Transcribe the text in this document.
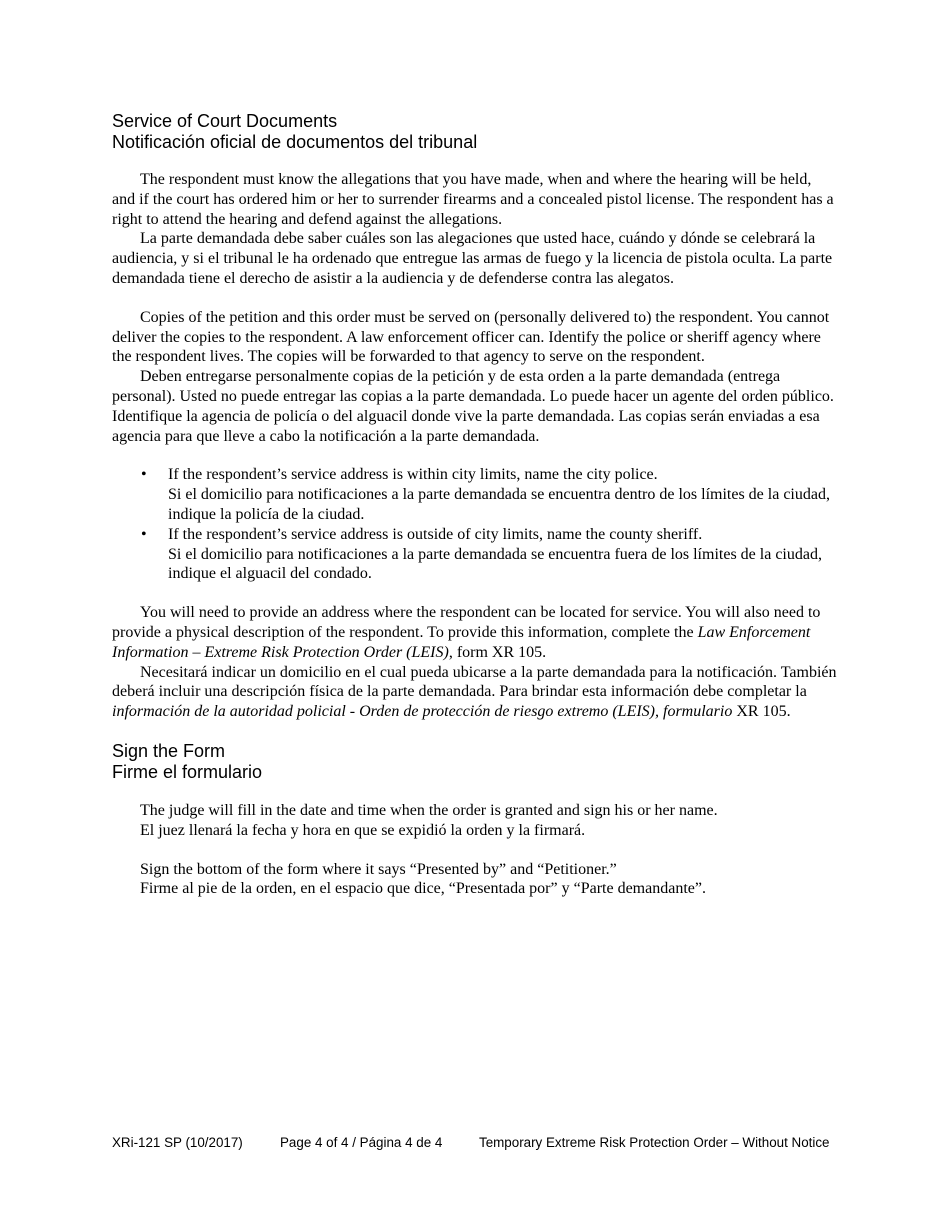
Service of Court Documents
Notificación oficial de documentos del tribunal

The respondent must know the allegations that you have made, when and where the hearing will be held, and if the court has ordered him or her to surrender firearms and a concealed pistol license. The respondent has a right to attend the hearing and defend against the allegations.

La parte demandada debe saber cuáles son las alegaciones que usted hace, cuándo y dónde se celebrará la audiencia, y si el tribunal le ha ordenado que entregue las armas de fuego y la licencia de pistola oculta. La parte demandada tiene el derecho de asistir a la audiencia y de defenderse contra las alegatos.

Copies of the petition and this order must be served on (personally delivered to) the respondent. You cannot deliver the copies to the respondent. A law enforcement officer can. Identify the police or sheriff agency where the respondent lives. The copies will be forwarded to that agency to serve on the respondent.

Deben entregarse personalmente copias de la petición y de esta orden a la parte demandada (entrega personal). Usted no puede entregar las copias a la parte demandada. Lo puede hacer un agente del orden público. Identifique la agencia de policía o del alguacil donde vive la parte demandada. Las copias serán enviadas a esa agencia para que lleve a cabo la notificación a la parte demandada.

• If the respondent’s service address is within city limits, name the city police.
Si el domicilio para notificaciones a la parte demandada se encuentra dentro de los límites de la ciudad, indique la policía de la ciudad.
• If the respondent’s service address is outside of city limits, name the county sheriff.
Si el domicilio para notificaciones a la parte demandada se encuentra fuera de los límites de la ciudad, indique el alguacil del condado.

You will need to provide an address where the respondent can be located for service. You will also need to provide a physical description of the respondent. To provide this information, complete the Law Enforcement Information – Extreme Risk Protection Order (LEIS), form XR 105.

Necesitará indicar un domicilio en el cual pueda ubicarse a la parte demandada para la notificación. También deberá incluir una descripción física de la parte demandada. Para brindar esta información debe completar la información de la autoridad policial - Orden de protección de riesgo extremo (LEIS), formulario XR 105.

Sign the Form
Firme el formulario

The judge will fill in the date and time when the order is granted and sign his or her name.

El juez llenará la fecha y hora en que se expidió la orden y la firmará.

Sign the bottom of the form where it says “Presented by” and “Petitioner.”

Firme al pie de la orden, en el espacio que dice, “Presentada por” y “Parte demandante”.

XRi-121 SP (10/2017)	Page 4 of 4 / Página 4 de 4	Temporary Extreme Risk Protection Order – Without Notice
